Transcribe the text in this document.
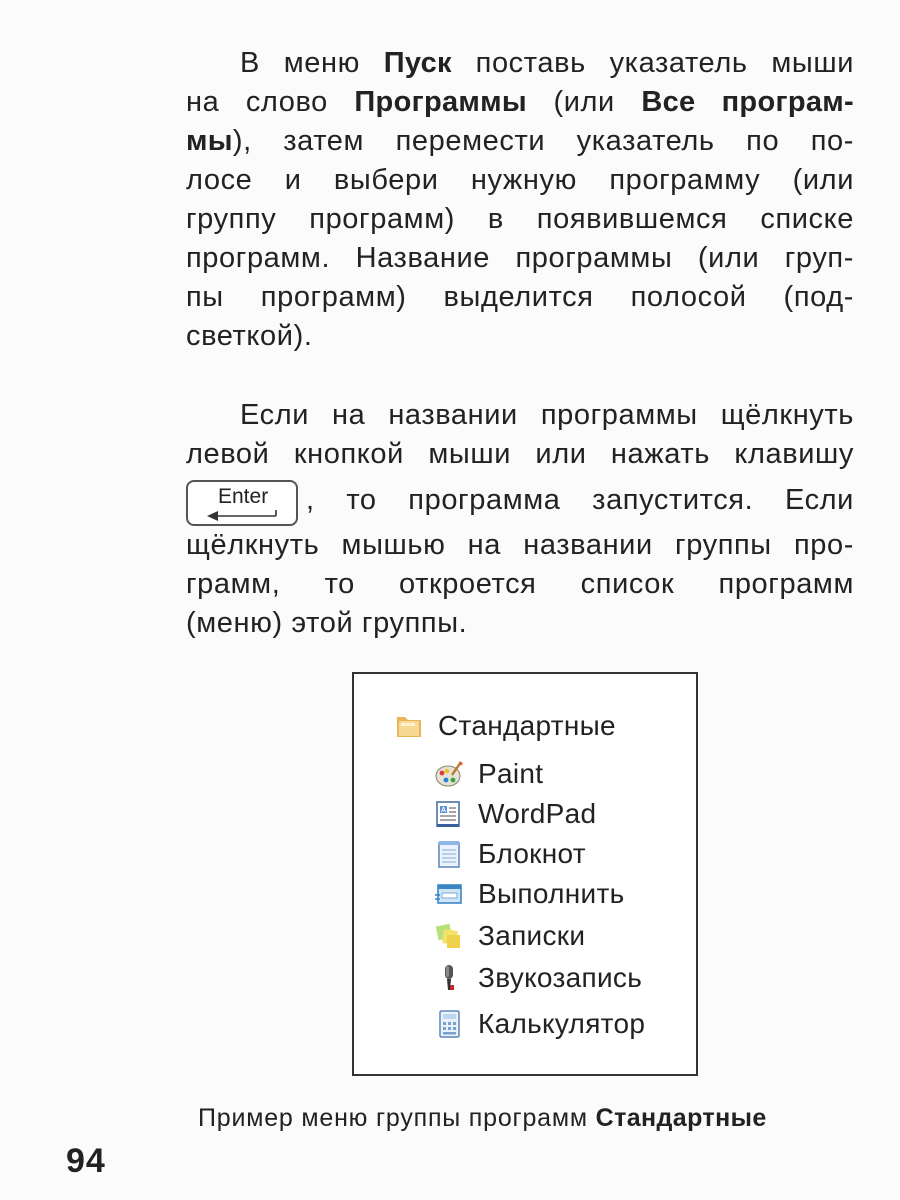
В меню Пуск поставь указатель мыши
на слово Программы (или Все програм-
мы), затем перемести указатель по по-
лосе и выбери нужную программу (или
группу программ) в появившемся списке
программ. Название программы (или груп-
пы программ) выделится полосой (под-
светкой).
Если на названии программы щёлкнуть
левой кнопкой мыши или нажать клавишу
Enter , то программа запустится. Если
щёлкнуть мышью на названии группы про-
грамм, то откроется список программ
(меню) этой группы.
Стандартные
Paint
A WordPad
Блокнот
Выполнить
Записки
Звукозапись
Калькулятор
Пример меню группы программ Стандартные
94
